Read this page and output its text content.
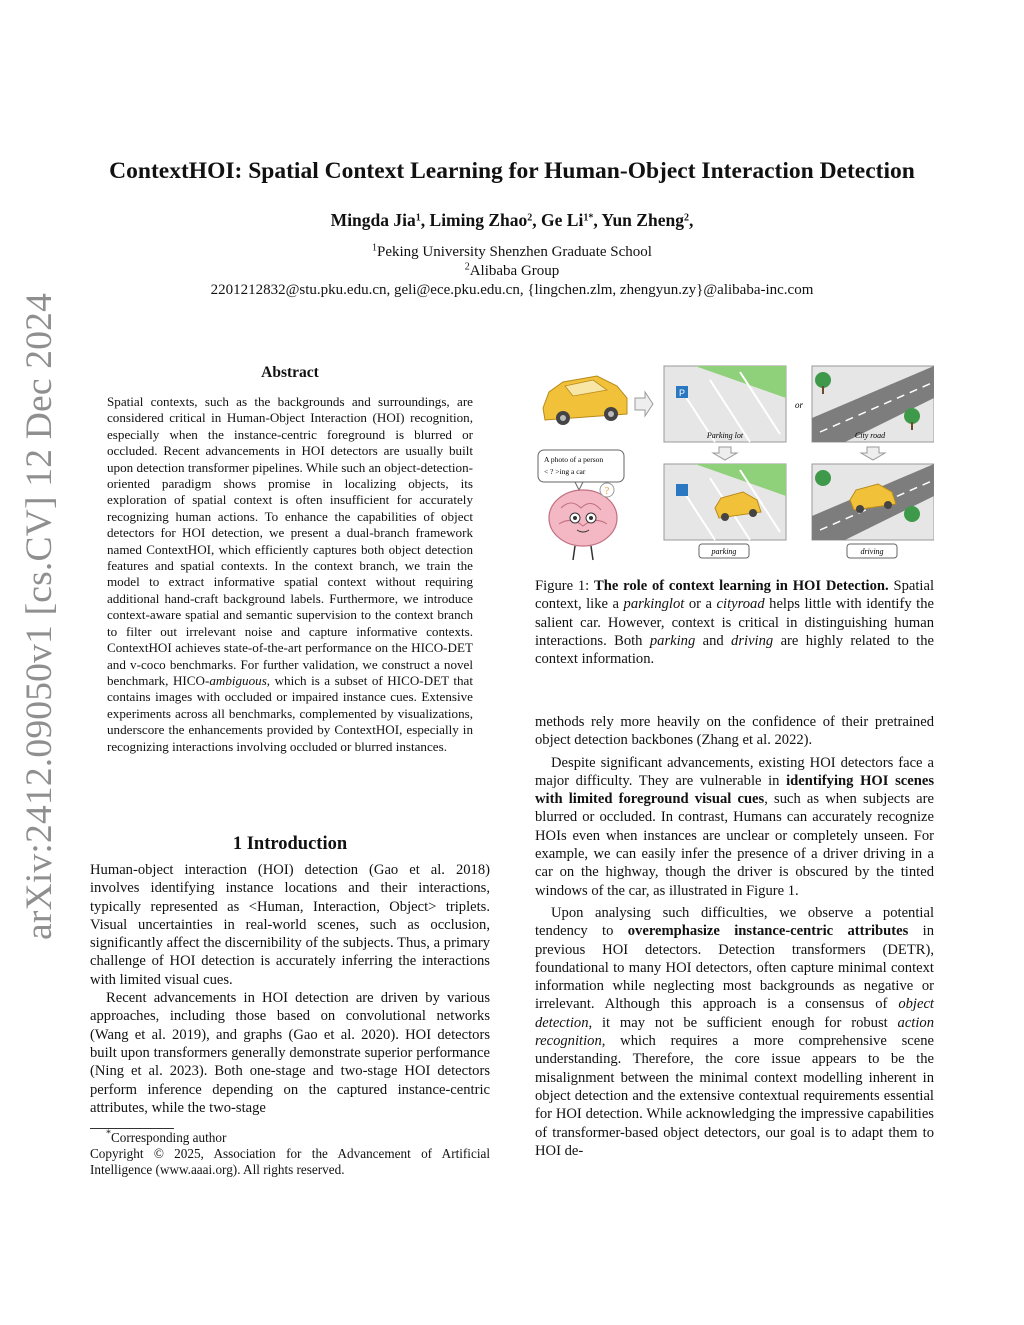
arXiv:2412.09050v1 [cs.CV] 12 Dec 2024
ContextHOI: Spatial Context Learning for Human-Object Interaction Detection
Mingda Jia$^1$, Liming Zhao$^2$, Ge $Li^{1*}$, Yun Zheng$^2$,
$^1$Peking University Shenzhen Graduate School
$^2$Alibaba Group
2201212832@stu.pku.edu.cn, geli@ece.pku.edu.cn, {lingchen.zlm, zhengyun.zy}@alibaba-inc.com
Abstract
Spatial contexts, such as the backgrounds and surroundings, are considered critical in Human-Object Interaction (HOI) recognition, especially when the instance-centric foreground is blurred or occluded. Recent advancements in HOI detectors are usually built upon detection transformer pipelines. While such an object-detection-oriented paradigm shows promise in localizing objects, its exploration of spatial context is often insufficient for accurately recognizing human actions. To enhance the capabilities of object detectors for HOI detection, we present a dual-branch framework named ContextHOI, which efficiently captures both object detection features and spatial contexts. In the context branch, we train the model to extract informative spatial context without requiring additional hand-craft background labels. Furthermore, we introduce context-aware spatial and semantic supervision to the context branch to filter out irrelevant noise and capture informative contexts. ContextHOI achieves state-of-the-art performance on the HICO-DET and v-coco benchmarks. For further validation, we construct a novel benchmark, HICO-ambiguous, which is a subset of HICO-DET that contains images with occluded or impaired instance cues. Extensive experiments across all benchmarks, complemented by visualizations, underscore the enhancements provided by ContextHOI, especially in recognizing interactions involving occluded or blurred instances.
1 Introduction

Human-object interaction (HOI) detection (Gao et al. 2018) involves identifying instance locations and their interactions, typically represented as <Human, Interaction, Object> triplets. Visual uncertainties in real-world scenes, such as occlusion, significantly affect the discernibility of the subjects. Thus, a primary challenge of HOI detection is accurately inferring the interactions with limited visual cues.

Recent advancements in HOI detection are driven by various approaches, including those based on convolutional networks (Wang et al. 2019), and graphs (Gao et al. 2020). HOI detectors built upon transformers generally demonstrate superior performance (Ning et al. 2023). Both one-stage and two-stage HOI detectors perform inference depending on the captured instance-centric attributes, while the two-stage

*Corresponding author

Copyright © 2025, Association for the Advancement of Artificial Intelligence (www.aaai.org). All rights reserved.

P
Parking lot
or
City road
A photo of a person
< ? >ing a car
?
parking	driving
Figure 1: The role of context learning in HOI Detection. Spatial context, like a parkinglot or a cityroad helps little with identify the salient car. However, context is critical in distinguishing human interactions. Both parking and driving are highly related to the context information.

methods rely more heavily on the confidence of their pretrained object detection backbones (Zhang et al. 2022).

Despite significant advancements, existing HOI detectors face a major difficulty. They are vulnerable in identifying HOI scenes with limited foreground visual cues, such as when subjects are blurred or occluded. In contrast, Humans can accurately recognize HOIs even when instances are unclear or completely unseen. For example, we can easily infer the presence of a driver driving in a car on the highway, though the driver is obscured by the tinted windows of the car, as illustrated in Figure 1.

Upon analysing such difficulties, we observe a potential tendency to overemphasize instance-centric attributes in previous HOI detectors. Detection transformers (DETR), foundational to many HOI detectors, often capture minimal context information while neglecting most backgrounds as negative or irrelevant. Although this approach is a consensus of object detection, it may not be sufficient enough for robust action recognition, which requires a more comprehensive scene understanding. Therefore, the core issue appears to be the misalignment between the minimal context modelling inherent in object detection and the extensive contextual requirements essential for HOI detection. While acknowledging the impressive capabilities of transformer-based object detectors, our goal is to adapt them to HOI de-
